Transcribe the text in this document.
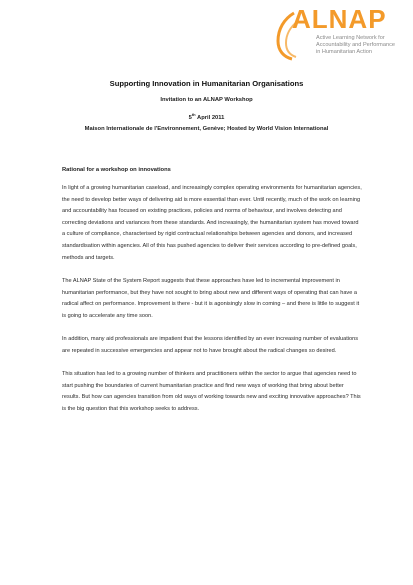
ALNAP
Active Learning Network for
Accountability and Performance
in Humanitarian Action
Supporting Innovation in Humanitarian Organisations
Invitation to an ALNAP Workshop
5th April 2011
Maison Internationale de l'Environnement, Genève; Hosted by World Vision International
Rational for a workshop on innovations

In light of a growing humanitarian caseload, and increasingly complex operating environments for humanitarian agencies, the need to develop better ways of delivering aid is more essential than ever. Until recently, much of the work on learning and accountability has focused on existing practices, policies and norms of behaviour, and involves detecting and correcting deviations and variances from these standards. And increasingly, the humanitarian system has moved toward a culture of compliance, characterised by rigid contractual relationships between agencies and donors, and increased standardisation within agencies. All of this has pushed agencies to deliver their services according to pre-defined goals, methods and targets.

The ALNAP State of the System Report suggests that these approaches have led to incremental improvement in humanitarian performance, but they have not sought to bring about new and different ways of operating that can have a radical affect on performance. Improvement is there - but it is agonisingly slow in coming – and there is little to suggest it is going to accelerate any time soon.

In addition, many aid professionals are impatient that the lessons identified by an ever increasing number of evaluations are repeated in successive emergencies and appear not to have brought about the radical changes so desired.

This situation has led to a growing number of thinkers and practitioners within the sector to argue that agencies need to start pushing the boundaries of current humanitarian practice and find new ways of working that bring about better results. But how can agencies transition from old ways of working towards new and exciting innovative approaches? This is the big question that this workshop seeks to address.
